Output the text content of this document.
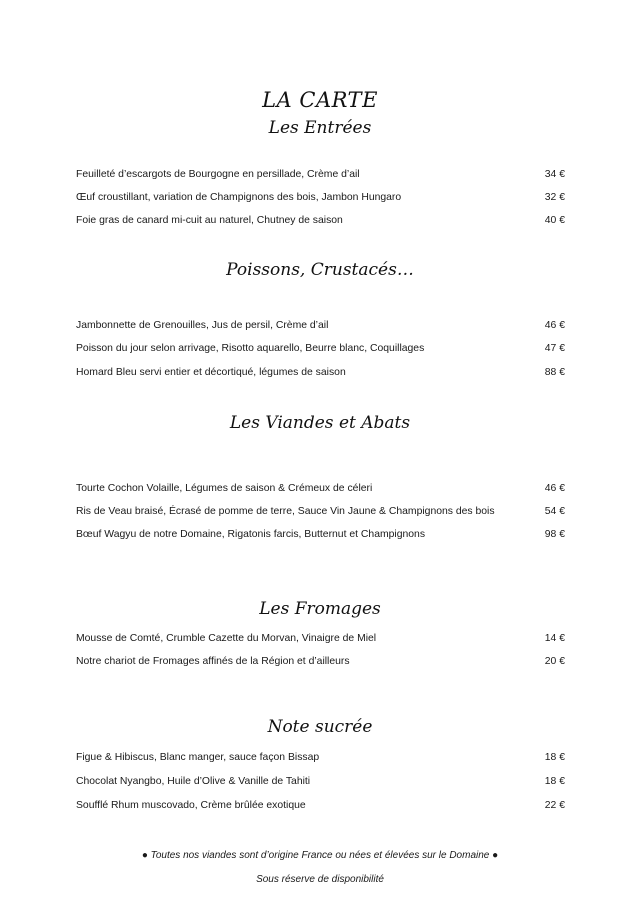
LA CARTE
Les Entrées
Feuilleté d’escargots de Bourgogne en persillade, Crème d’ail	34 €
Œuf croustillant, variation de Champignons des bois, Jambon Hungaro	32 €
Foie gras de canard mi-cuit au naturel, Chutney de saison	40 €
Poissons, Crustacés…
Jambonnette de Grenouilles, Jus de persil, Crème d’ail	46 €
Poisson du jour selon arrivage, Risotto aquarello, Beurre blanc, Coquillages	47 €
Homard Bleu servi entier et décortiqué, légumes de saison	88 €
Les Viandes et Abats
Tourte Cochon Volaille, Légumes de saison & Crémeux de céleri	46 €
Ris de Veau braisé, Écrasé de pomme de terre, Sauce Vin Jaune & Champignons des bois	54 €
Bœuf Wagyu de notre Domaine, Rigatonis farcis, Butternut et Champignons	98 €
Les Fromages
Mousse de Comté, Crumble Cazette du Morvan, Vinaigre de Miel	14 €
Notre chariot de Fromages affinés de la Région et d’ailleurs	20 €
Note sucrée
Figue & Hibiscus, Blanc manger, sauce façon Bissap	18 €
Chocolat Nyangbo, Huile d’Olive & Vanille de Tahiti	18 €
Soufflé Rhum muscovado, Crème brûlée exotique	22 €
● Toutes nos viandes sont d’origine France ou nées et élevées sur le Domaine ●
Sous réserve de disponibilité
